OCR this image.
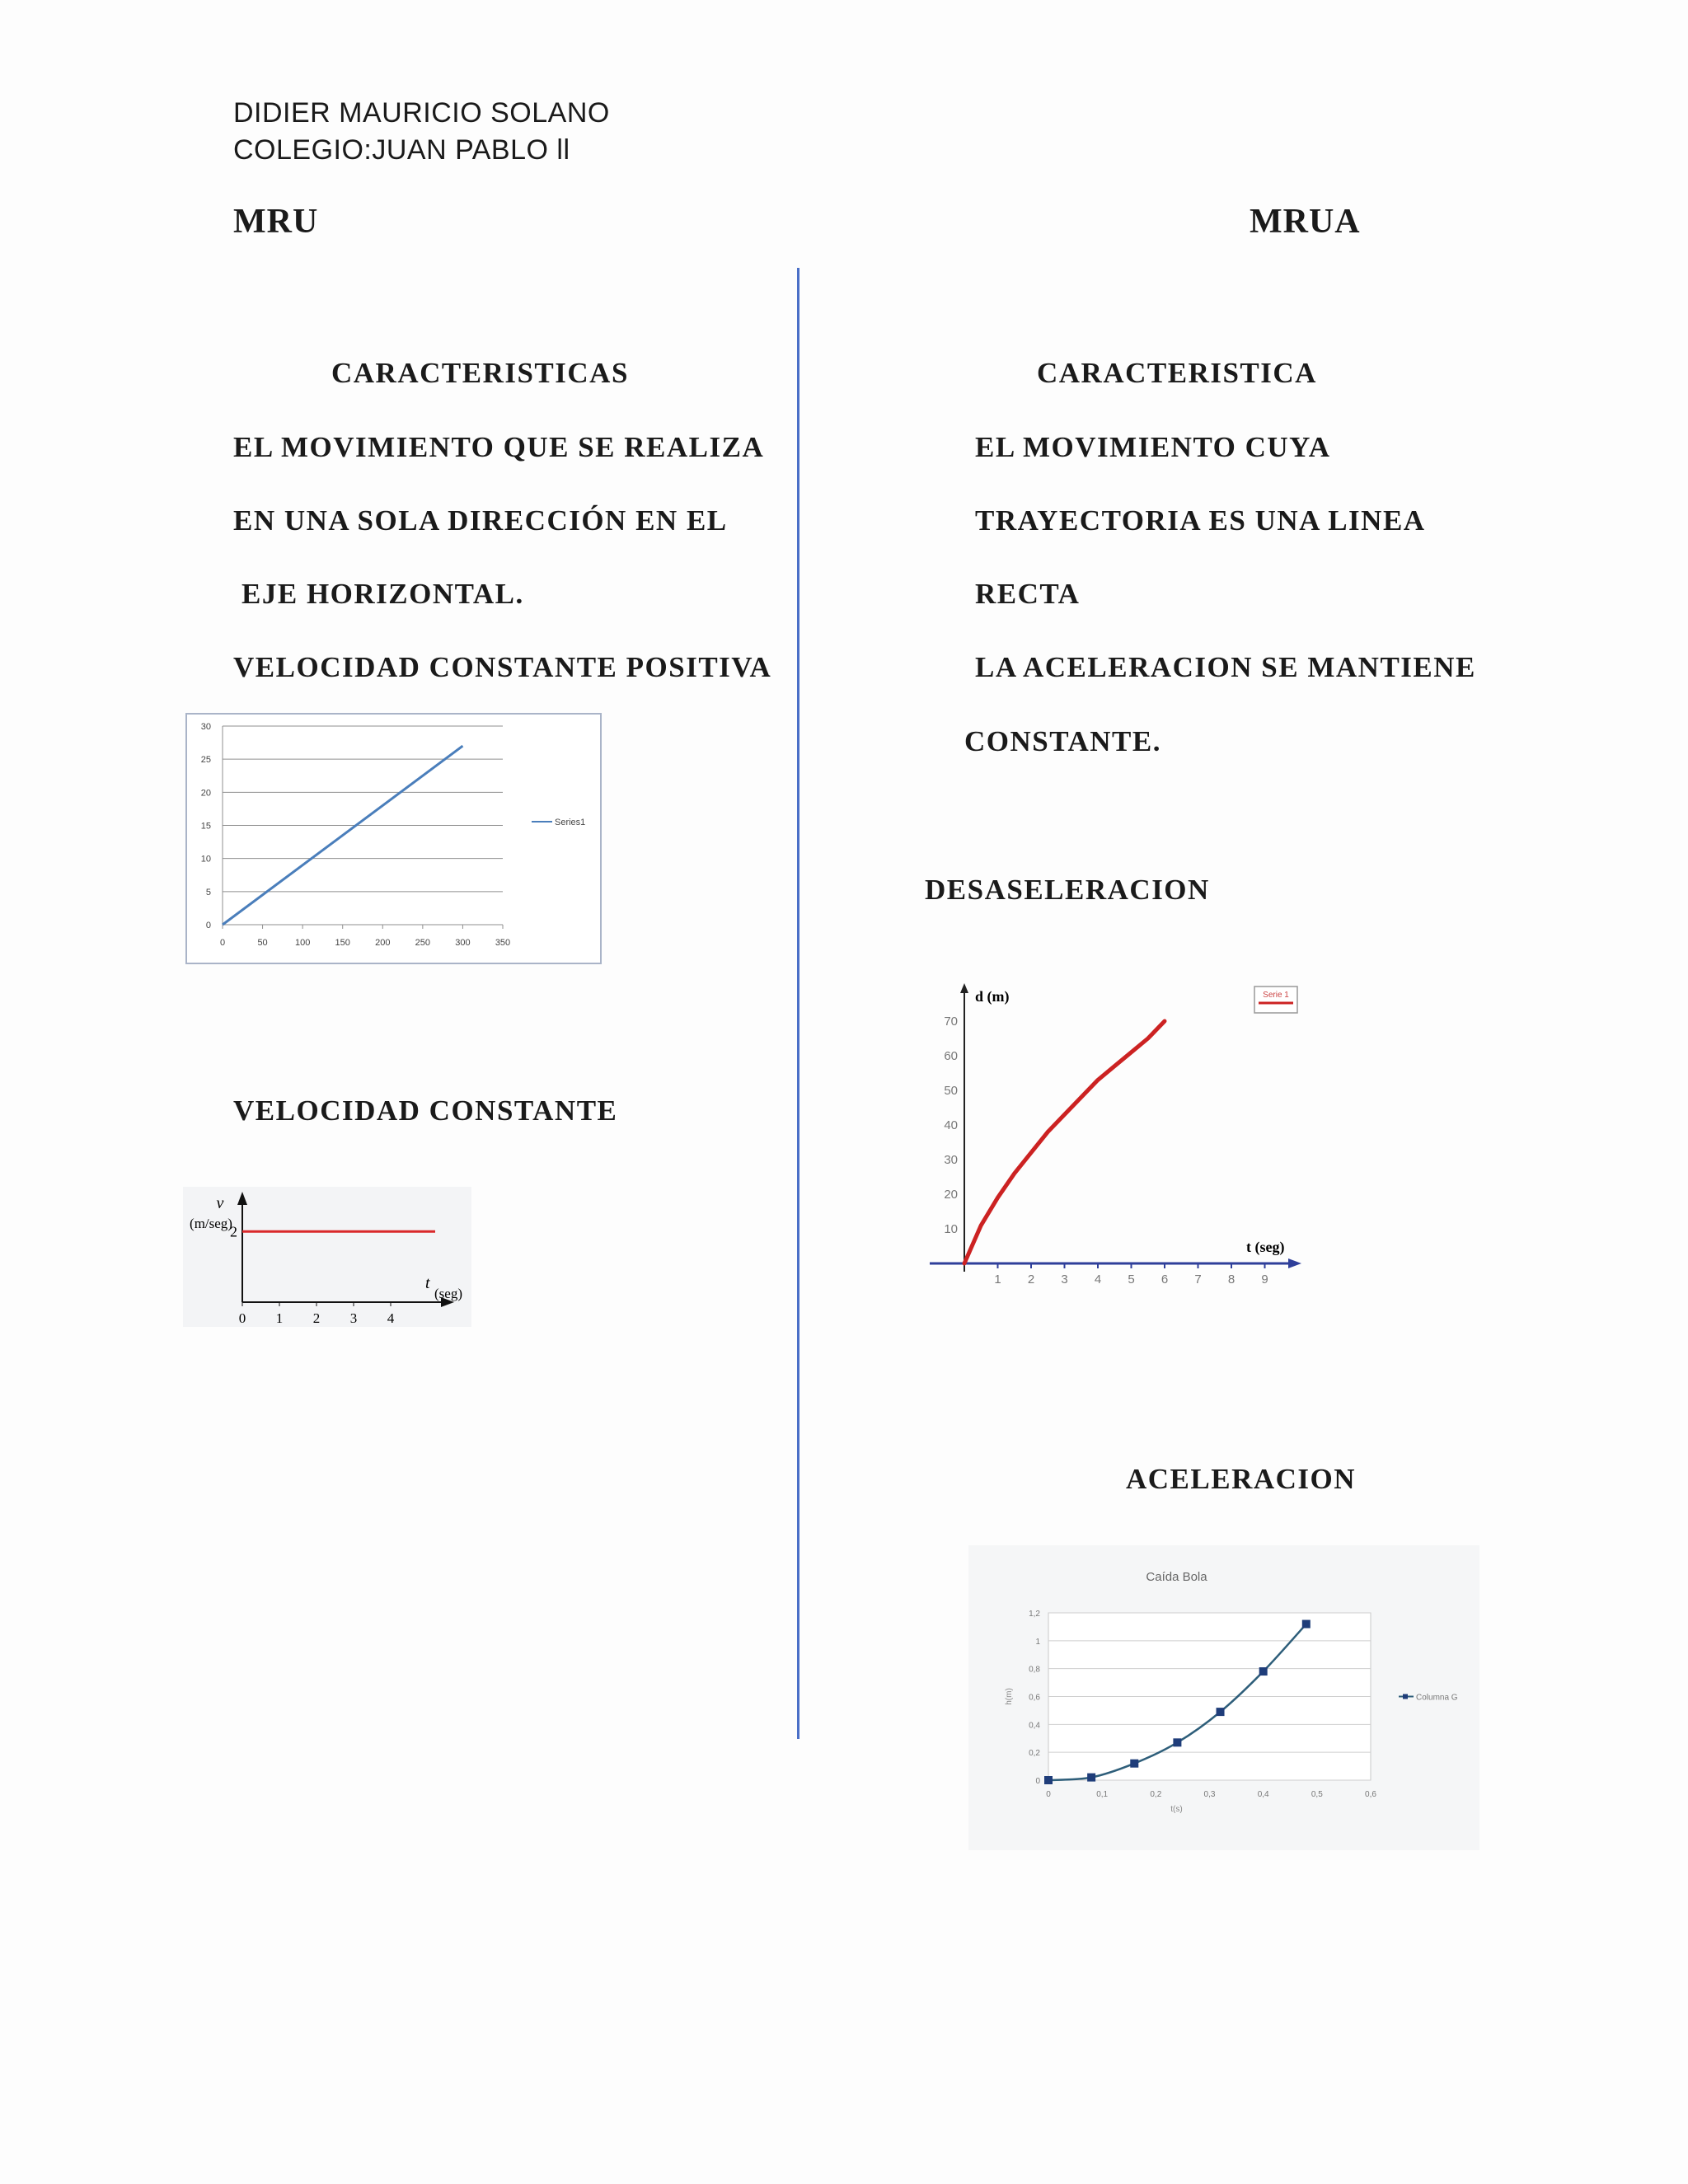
DIDIER MAURICIO SOLANO
COLEGIO:JUAN PABLO ll
MRU	MRUA
CARACTERISTICAS
EL MOVIMIENTO QUE SE REALIZA
EN UNA SOLA DIRECCIÓN EN EL
EJE HORIZONTAL.
VELOCIDAD CONSTANTE POSITIVA
VELOCIDAD CONSTANTE
CARACTERISTICA
EL MOVIMIENTO CUYA
TRAYECTORIA ES UNA LINEA
RECTA
LA ACELERACION SE MANTIENE
CONSTANTE.
DESASELERACION
ACELERACION
0
5
10
15
20
25
30
0	50	100	150	200	250	300	350
Series1
v
(m/seg)
t
(seg)
0 1 2 3 4
2
d (m)
t (seg)
10
20
30
40
50
60
70
1 2 3 4 5 6 7 8 9
Serie 1
Caída Bola
0
0,2
0,4
0,6
0,8
1
1,2
0	0,1	0,2	0,3	0,4	0,5	0,6
t(s)
h(m)	Columna G
